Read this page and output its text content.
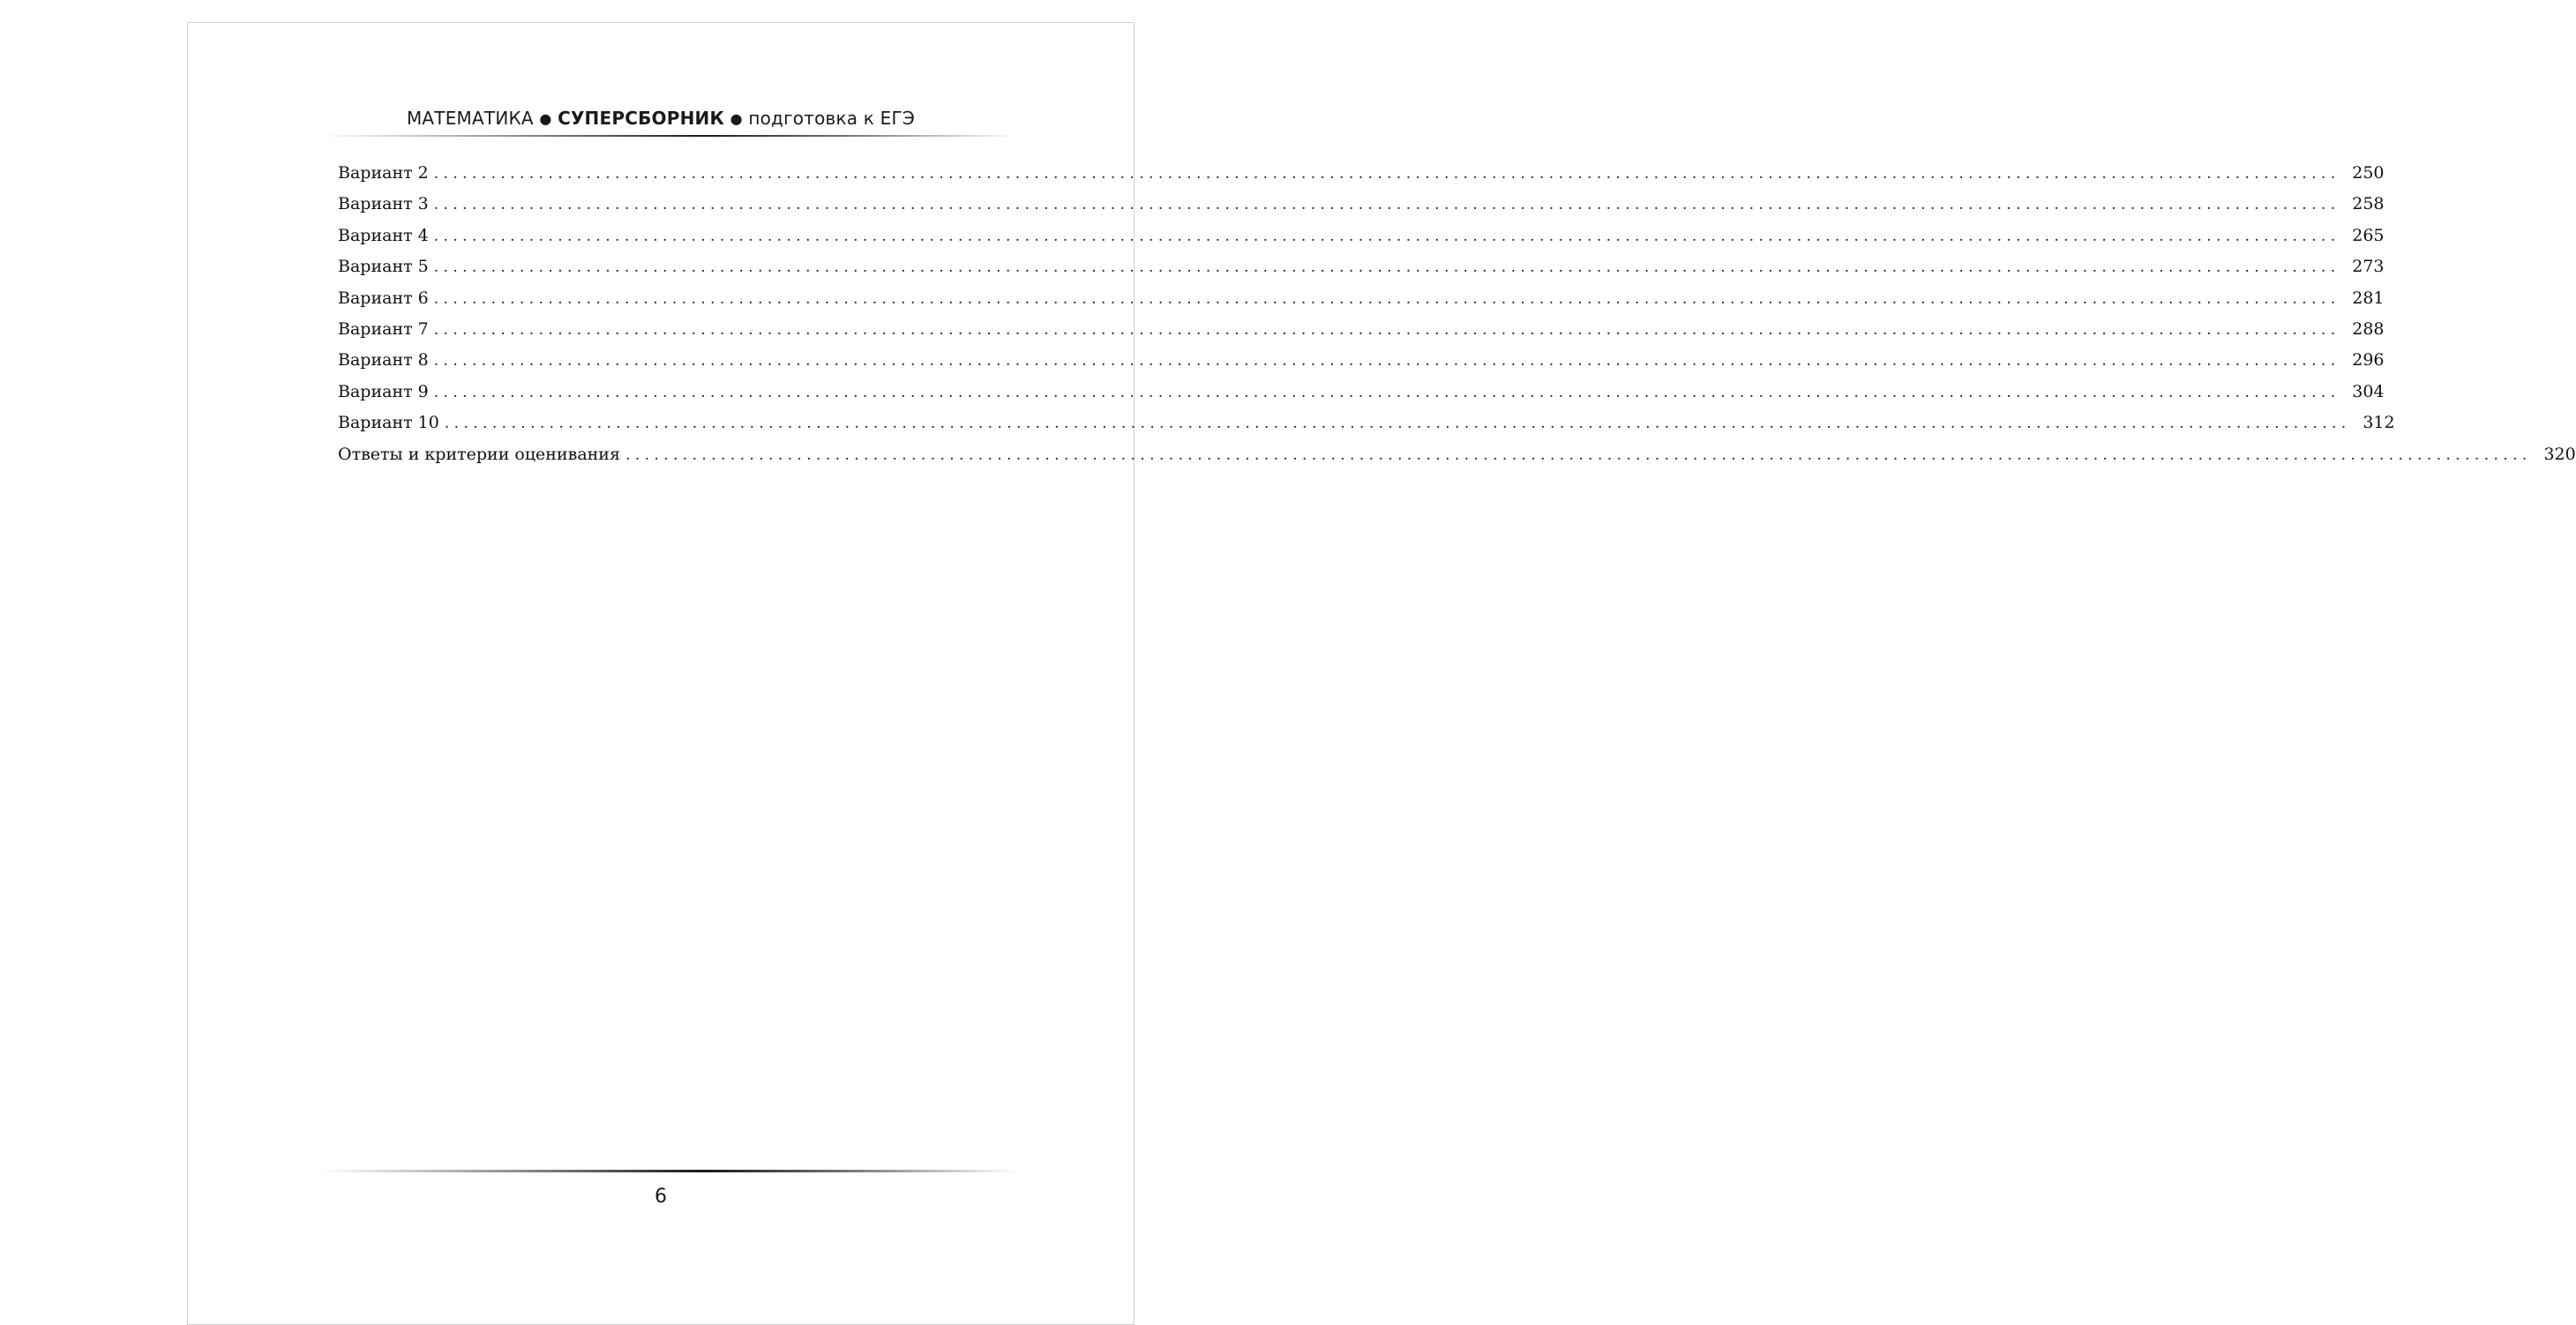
МАТЕМАТИКА ● СУПЕРСБОРНИК ● подготовка к ЕГЭ
Вариант 2 ........................................................................................................................................................................................................ 250
Вариант 3 ........................................................................................................................................................................................................ 258
Вариант 4 ........................................................................................................................................................................................................ 265
Вариант 5 ........................................................................................................................................................................................................ 273
Вариант 6 ........................................................................................................................................................................................................ 281
Вариант 7 ........................................................................................................................................................................................................ 288
Вариант 8 ........................................................................................................................................................................................................ 296
Вариант 9 ........................................................................................................................................................................................................ 304
Вариант 10 ........................................................................................................................................................................................................ 312
Ответы и критерии оценивания ........................................................................................................................................................................................................ 320
6
